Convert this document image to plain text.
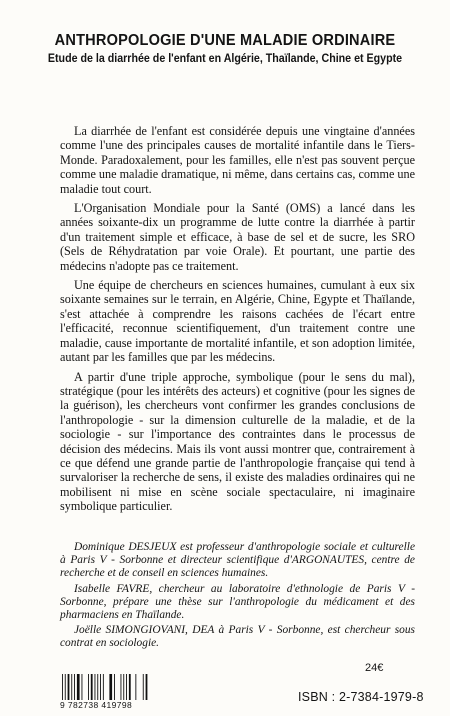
ANTHROPOLOGIE D'UNE MALADIE ORDINAIRE
Etude de la diarrhée de l'enfant en Algérie, Thaïlande, Chine et Egypte

La diarrhée de l'enfant est considérée depuis une vingtaine d'années comme l'une des principales causes de mortalité infantile dans le Tiers-Monde. Paradoxalement, pour les familles, elle n'est pas souvent perçue comme une maladie dramatique, ni même, dans certains cas, comme une maladie tout court.

L'Organisation Mondiale pour la Santé (OMS) a lancé dans les années soixante-dix un programme de lutte contre la diarrhée à partir d'un traitement simple et efficace, à base de sel et de sucre, les SRO (Sels de Réhydratation par voie Orale). Et pourtant, une partie des médecins n'adopte pas ce traitement.

Une équipe de chercheurs en sciences humaines, cumulant à eux six soixante semaines sur le terrain, en Algérie, Chine, Egypte et Thaïlande, s'est attachée à comprendre les raisons cachées de l'écart entre l'efficacité, reconnue scientifiquement, d'un traitement contre une maladie, cause importante de mortalité infantile, et son adoption limitée, autant par les familles que par les médecins.

A partir d'une triple approche, symbolique (pour le sens du mal), stratégique (pour les intérêts des acteurs) et cognitive (pour les signes de la guérison), les chercheurs vont confirmer les grandes conclusions de l'anthropologie - sur la dimension culturelle de la maladie, et de la sociologie - sur l'importance des contraintes dans le processus de décision des médecins. Mais ils vont aussi montrer que, contrairement à ce que défend une grande partie de l'anthropologie française qui tend à survaloriser la recherche de sens, il existe des maladies ordinaires qui ne mobilisent ni mise en scène sociale spectaculaire, ni imaginaire symbolique particulier.

Dominique DESJEUX est professeur d'anthropologie sociale et culturelle à Paris V - Sorbonne et directeur scientifique d'ARGONAUTES, centre de recherche et de conseil en sciences humaines.

Isabelle FAVRE, chercheur au laboratoire d'ethnologie de Paris V - Sorbonne, prépare une thèse sur l'anthropologie du médicament et des pharmaciens en Thaïlande.

Joëlle SIMONGIOVANI, DEA à Paris V - Sorbonne, est chercheur sous contrat en sociologie.

24€
9 782738 419798
ISBN : 2-7384-1979-8
